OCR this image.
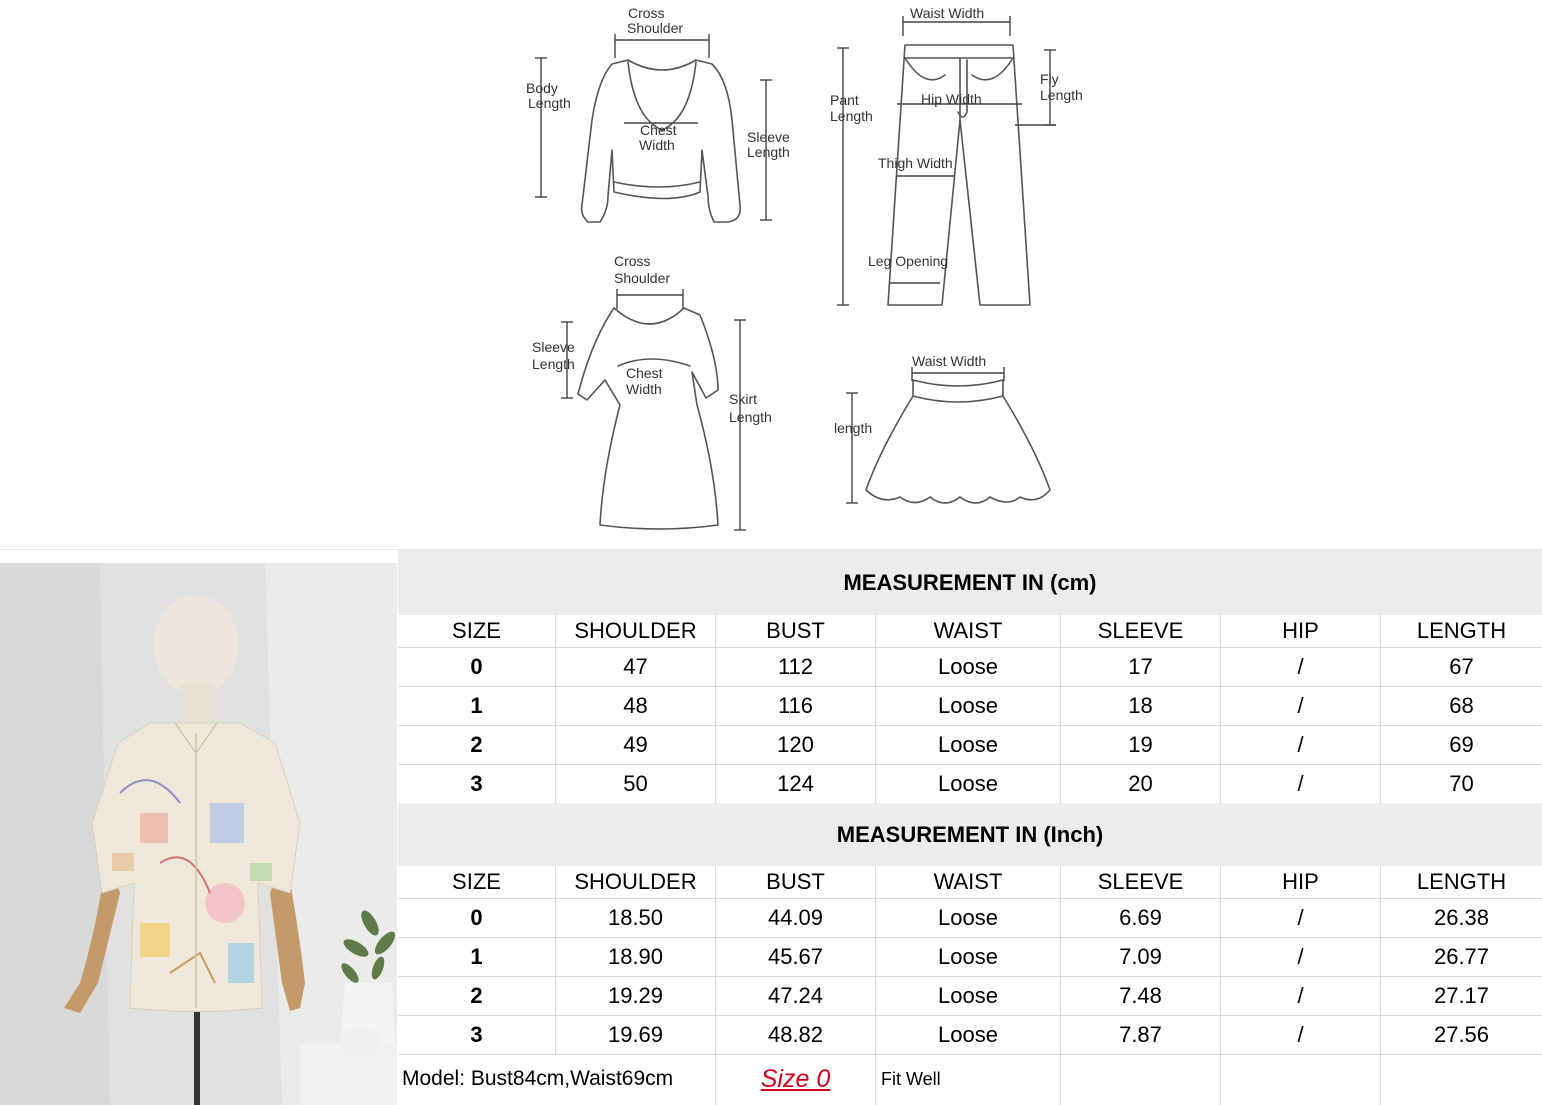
Cross
Shoulder
Body
Length
Chest
Width	Sleeve
Length
Waist Width
Fly
Length
Pant
Length
Hip Width
Thigh Width
Leg Opening
Cross
Shoulder
Sleeve
Length
Chest
Width
Skirt
Length
Waist Width
length
MEASUREMENT IN (cm)
SIZE	SHOULDER	BUST	WAIST	SLEEVE	HIP	LENGTH
0	47	112	Loose	17	/	67
1	48	116	Loose	18	/	68
2	49	120	Loose	19	/	69
3	50	124	Loose	20	/	70
MEASUREMENT IN (Inch)
SIZE	SHOULDER	BUST	WAIST	SLEEVE	HIP	LENGTH
0	18.50	44.09	Loose	6.69	/	26.38
1	18.90	45.67	Loose	7.09	/	26.77
2	19.29	47.24	Loose	7.48	/	27.17
3	19.69	48.82	Loose	7.87	/	27.56
Model: Bust84cm,Waist69cm	Size 0	Fit Well
